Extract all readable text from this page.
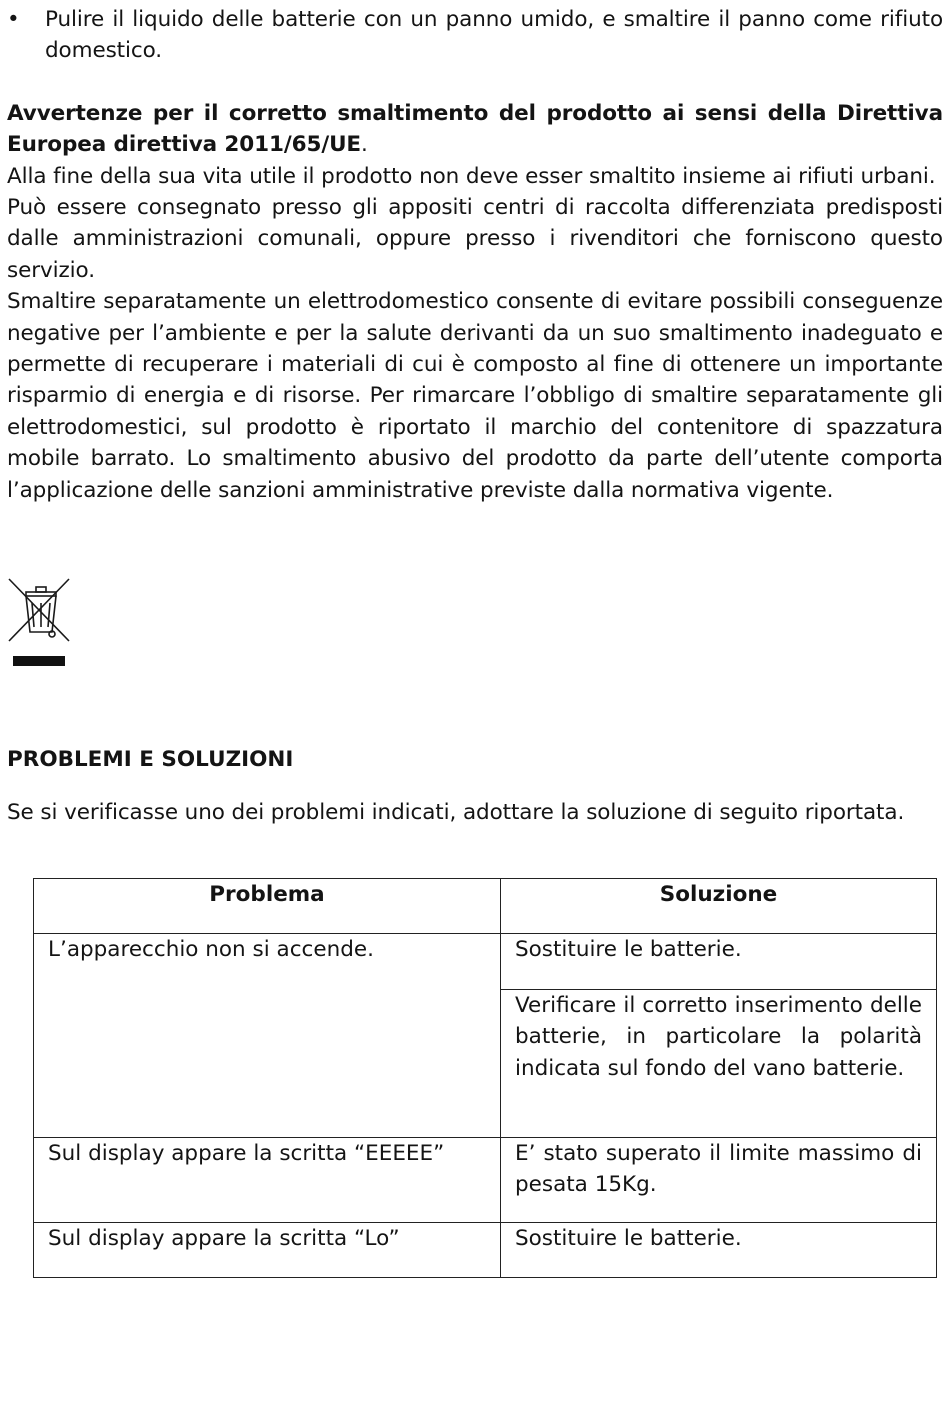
•	Pulire il liquido delle batterie con un panno umido, e smaltire il panno come rifiuto domestico.

Avvertenze per il corretto smaltimento del prodotto ai sensi della Direttiva Europea direttiva 2011/65/UE.

Alla fine della sua vita utile il prodotto non deve esser smaltito insieme ai rifiuti urbani.

Può essere consegnato presso gli appositi centri di raccolta differenziata predisposti dalle amministrazioni comunali, oppure presso i rivenditori che forniscono questo servizio.

Smaltire separatamente un elettrodomestico consente di evitare possibili conseguenze negative per l’ambiente e per la salute derivanti da un suo smaltimento inadeguato e permette di recuperare i materiali di cui è composto al fine di ottenere un importante risparmio di energia e di risorse. Per rimarcare l’obbligo di smaltire separatamente gli elettrodomestici, sul prodotto è riportato il marchio del contenitore di spazzatura mobile barrato. Lo smaltimento abusivo del prodotto da parte dell’utente comporta l’applicazione delle sanzioni amministrative previste dalla normativa vigente.

PROBLEMI E SOLUZIONI

Se si verificasse uno dei problemi indicati, adottare la soluzione di seguito riportata.

Problema	Soluzione
L’apparecchio non si accende.	Sostituire le batterie.
	Verificare il corretto inserimento delle batterie, in particolare la polarità indicata sul fondo del vano batterie.
Sul display appare la scritta “EEEEE”	E’ stato superato il limite massimo di pesata 15Kg.
Sul display appare la scritta “Lo”	Sostituire le batterie.
